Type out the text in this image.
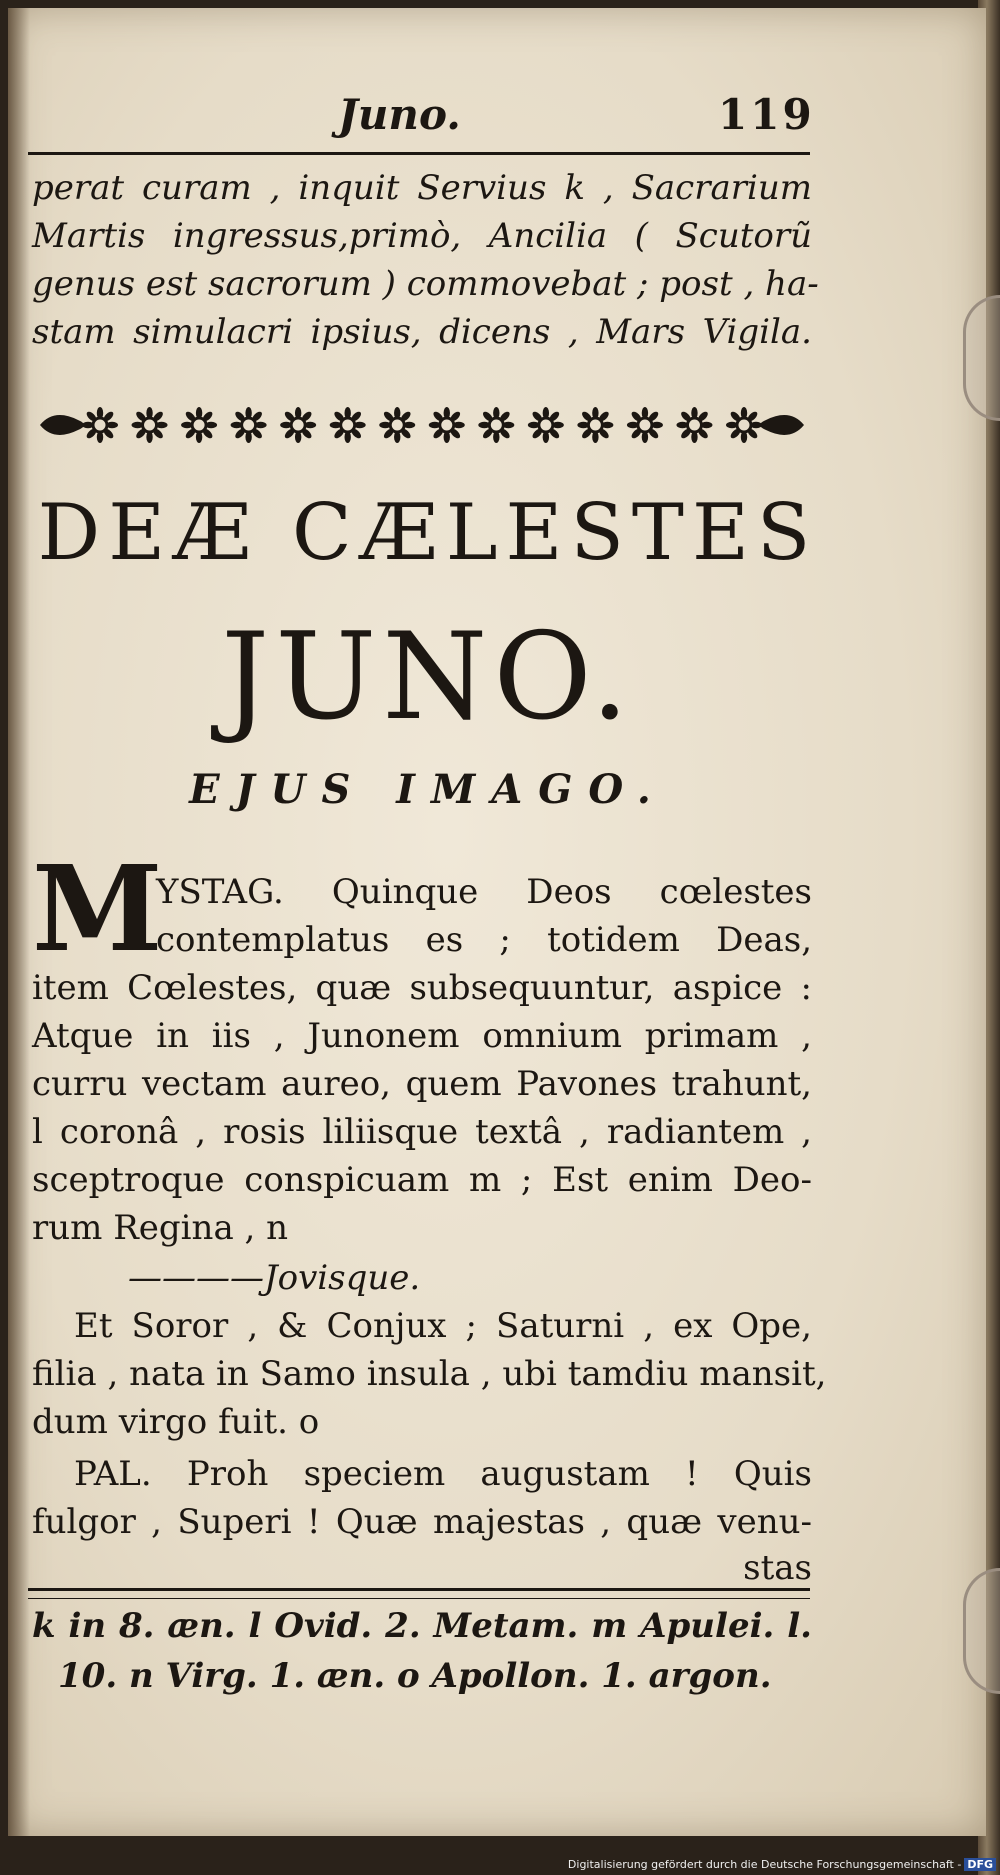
Juno.	119
perat curam , inquit Servius k , Sacrarium
Martis ingressus,primò, Ancilia ( Scutorũ
genus est sacrorum ) commovebat ; post , ha-
stam simulacri ipsius, dicens , Mars Vigila.
DEÆ CÆLESTES
JUNO.
EJUS IMAGO.
M
YSTAG. Quinque Deos cœlestes
contemplatus es ; totidem Deas,
item Cœlestes, quæ subsequuntur, aspice :
Atque in iis , Junonem omnium primam ,
curru vectam aureo, quem Pavones trahunt,
l coronâ , rosis liliisque textâ , radiantem ,
sceptroque conspicuam m ; Est enim Deo-
rum Regina , n
————Jovisque.
Et Soror , & Conjux ; Saturni , ex Ope,
filia , nata in Samo insula , ubi tamdiu mansit,
dum virgo fuit. o
PAL. Proh speciem augustam ! Quis
fulgor , Superi ! Quæ majestas , quæ venu-
stas
k in 8. æn. l Ovid. 2. Metam. m Apulei. l.
10. n Virg. 1. æn. o Apollon. 1. argon.
Digitalisierung gefördert durch die Deutsche Forschungsgemeinschaft - DFG
